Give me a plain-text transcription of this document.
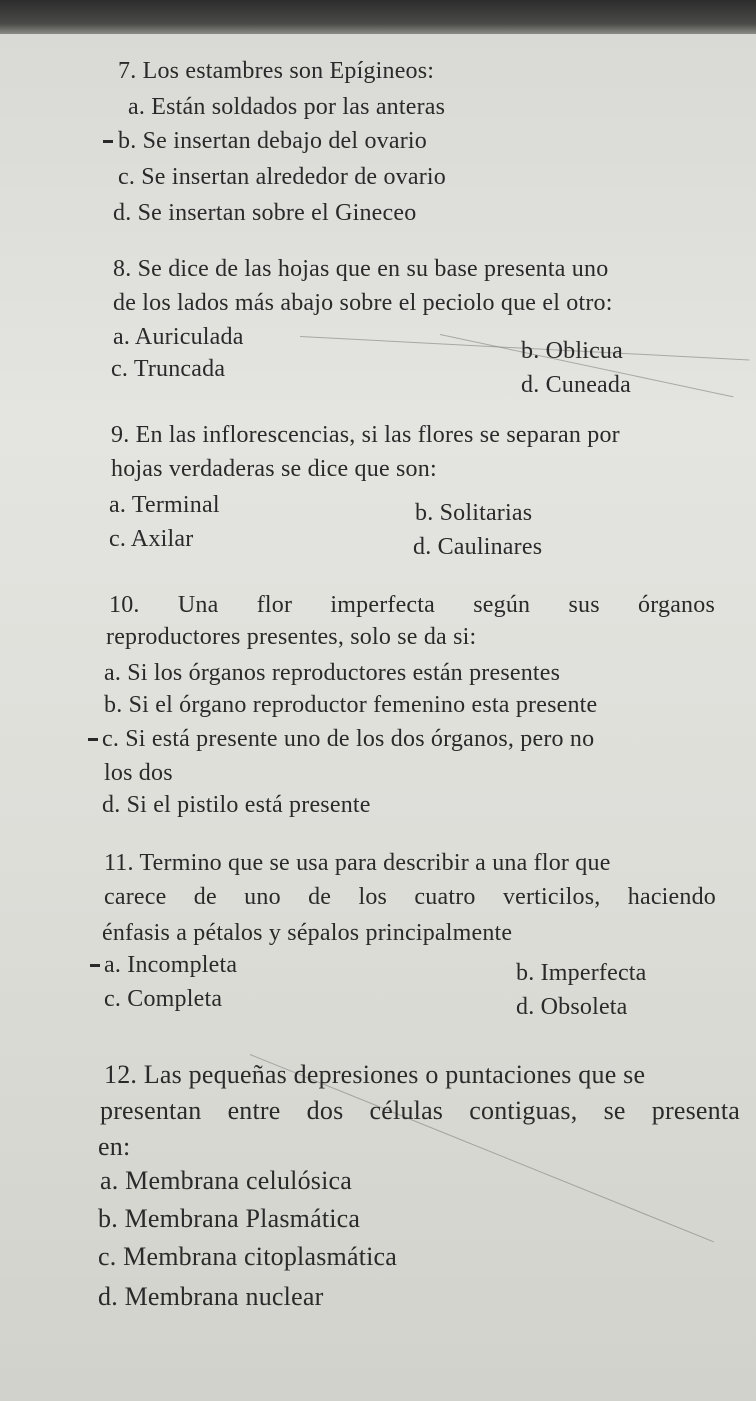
7. Los estambres son Epígineos:
a. Están soldados por las anteras
b. Se insertan debajo del ovario
c. Se insertan alrededor de ovario
d. Se insertan sobre el Gineceo
8. Se dice de las hojas que en su base presenta uno
de los lados más abajo sobre el peciolo que el otro:
a. Auriculada
b. Oblicua
c. Truncada
d. Cuneada
9. En las inflorescencias, si las flores se separan por
hojas verdaderas se dice que son:
a. Terminal	b. Solitarias
c. Axilar	d. Caulinares
10. Una flor imperfecta según sus órganos
reproductores presentes, solo se da si:
a. Si los órganos reproductores están presentes
b. Si el órgano reproductor femenino esta presente
c. Si está presente uno de los dos órganos, pero no
los dos
d. Si el pistilo está presente
11. Termino que se usa para describir a una flor que
carece de uno de los cuatro verticilos, haciendo
énfasis a pétalos y sépalos principalmente
a. Incompleta	b. Imperfecta
c. Completa	d. Obsoleta
12. Las pequeñas depresiones o puntaciones que se
presentan entre dos células contiguas, se presenta
en:
a. Membrana celulósica
b. Membrana Plasmática
c. Membrana citoplasmática
d. Membrana nuclear
